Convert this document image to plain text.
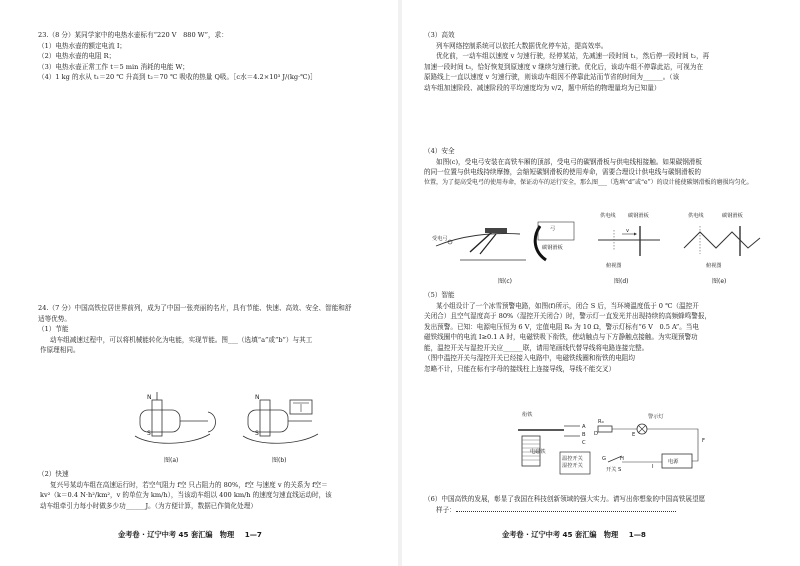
23.（8 分）某同学家中的电热水壶标有“220 V　880 W”，求：
（1）电热水壶的额定电流 I；
（2）电热水壶的电阻 R；
（3）电热水壶正常工作 t＝5 min 消耗的电能 W；
（4）1 kg 的水从 t₁＝20 ℃ 升高到 t₂＝70 ℃ 吸收的热量 Q吸。［c水＝4.2×10³ J/(kg·℃)］
24.（7 分）中国高铁位居世界前列，成为了中国一张亮丽的名片，具有节能、快速、高效、安全、智能和舒
适等优势。
（1）节能
动车组减速过程中，可以将机械能转化为电能，实现节能。图___（选填“a”或“b”）与其工
作原理相同。
N
S
图(a)
N
S
图(b)
（2）快速
复兴号某动车组在高速运行时，若空气阻力 f空 只占阻力的 80%，f空 与速度 v 的关系为 f空＝
kv²（k＝0.4 N·h²/km²，v 的单位为 km/h），当该动车组以 400 km/h 的速度匀速直线运动时，该
动车组牵引力每小时做多少功______J。（为方便计算，数据已作简化处理）
金考卷 · 辽宁中考 45 套汇编　物理 1—7
（3）高效
列车网络控制系统可以依托大数据优化停车站，提高效率。
优化前，一动车组以速度 v 匀速行驶，经停某站，先减速一段时间 t₁，然后停一段时间 t₂，再
加速一段时间 t₃，恰好恢复到原速度 v 继续匀速行驶。优化后，该动车组不停靠此站，可视为在
原路线上一直以速度 v 匀速行驶，则该动车组因不停靠此站而节省的时间为______。（该
动车组加速阶段、减速阶段的平均速度均为 v/2，题中所给的物理量均为已知量）
（4）安全
如图(c)，受电弓安装在高铁车厢的顶部，受电弓的碳钢滑板与供电线相接触。如果碳钢滑板
的同一位置与供电线持续摩擦，会缩短碳钢滑板的使用寿命，需要合理设计供电线与碳钢滑板的
位置，为了提高受电弓的使用寿命，保证动车的运行安全，那么图___（选填“d”或“e”）的设计能使碳钢滑板的磨损均匀化。
受电弓
弓
碳钢滑板
图(c)
供电线 碳钢滑板
v
俯视图
图(d)
供电线	碳钢滑板
俯视图
图(e)
（5）智能
某小组设计了一个冰雪预警电路，如图(f)所示，闭合 S 后，当环境温度低于 0 ℃（温控开
关闭合）且空气湿度高于 80%（湿控开关闭合）时，警示灯一直发光并出现持续的高频蜂鸣警报，
发出预警。已知：电源电压恒为 6 V，定值电阻 R₀ 为 10 Ω，警示灯标有“6 V　0.5 A”。当电
磁铁线圈中的电流 I≥0.1 A 时，电磁铁吸下衔铁，使动触点与下方静触点接触。为实现预警功
能，温控开关与湿控开关应______联，请用笔画线代替导线将电路连接完整。
（图中温控开关与湿控开关已经接入电路中，电磁铁线圈和衔铁的电阻均
忽略不计，只能在标有字母的接线柱上连接导线，导线不能交叉）
衔铁
电磁铁
警示灯
温控开关
湿控开关
开关 S
电源
R₀
A
B
C
D	E
F
G	H
I
（6）中国高铁的发展，彰显了我国在科技创新领域的强大实力。请写出你想象的中国高铁展望愿
样子：
金考卷 · 辽宁中考 45 套汇编　物理 1—8
